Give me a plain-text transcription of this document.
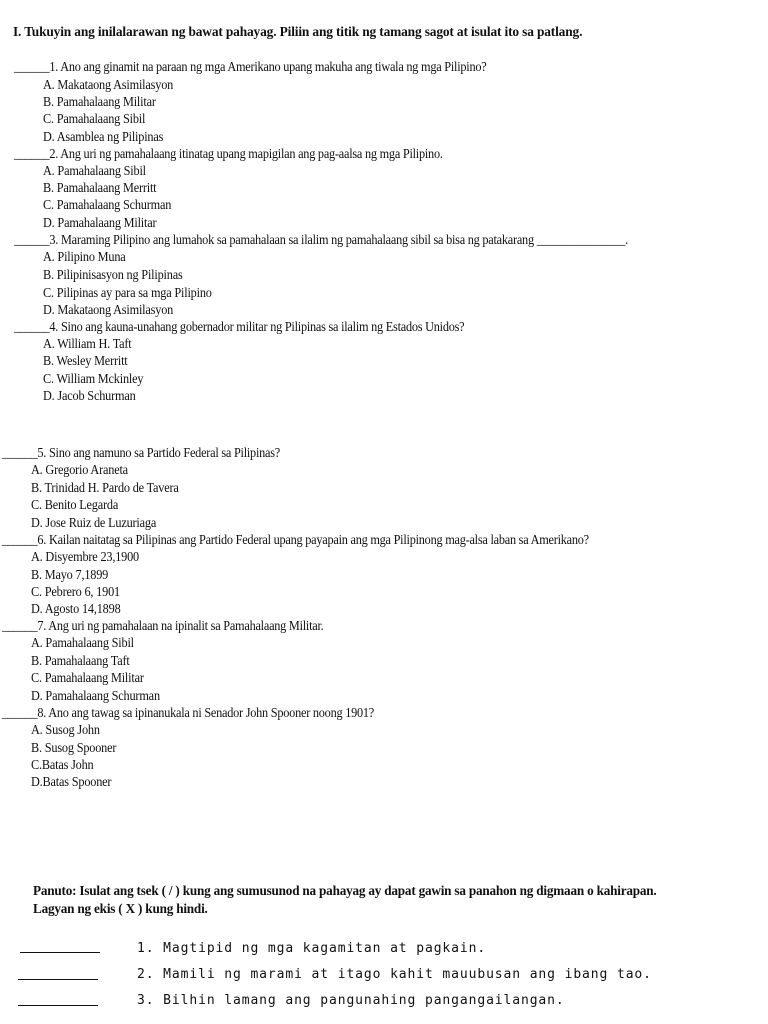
I. Tukuyin ang inilalarawan ng bawat pahayag. Piliin ang titik ng tamang sagot at isulat ito sa patlang.
______1. Ano ang ginamit na paraan ng mga Amerikano upang makuha ang tiwala ng mga Pilipino?
A. Makataong Asimilasyon
B. Pamahalaang Militar
C. Pamahalaang Sibil
D. Asamblea ng Pilipinas
______2. Ang uri ng pamahalaang itinatag upang mapigilan ang pag-aalsa ng mga Pilipino.
A. Pamahalaang Sibil
B. Pamahalaang Merritt
C. Pamahalaang Schurman
D. Pamahalaang Militar
______3. Maraming Pilipino ang lumahok sa pamahalaan sa ilalim ng pamahalaang sibil sa bisa ng patakarang _______________.
A. Pilipino Muna
B. Pilipinisasyon ng Pilipinas
C. Pilipinas ay para sa mga Pilipino
D. Makataong Asimilasyon
______4. Sino ang kauna-unahang gobernador militar ng Pilipinas sa ilalim ng Estados Unidos?
A. William H. Taft
B. Wesley Merritt
C. William Mckinley
D. Jacob Schurman
______5. Sino ang namuno sa Partido Federal sa Pilipinas?
A. Gregorio Araneta
B. Trinidad H. Pardo de Tavera
C. Benito Legarda
D. Jose Ruiz de Luzuriaga
______6. Kailan naitatag sa Pilipinas ang Partido Federal upang payapain ang mga Pilipinong mag-alsa laban sa Amerikano?
A. Disyembre 23,1900
B. Mayo 7,1899
C. Pebrero 6, 1901
D. Agosto 14,1898
______7. Ang uri ng pamahalaan na ipinalit sa Pamahalaang Militar.
A. Pamahalaang Sibil
B. Pamahalaang Taft
C. Pamahalaang Militar
D. Pamahalaang Schurman
______8. Ano ang tawag sa ipinanukala ni Senador John Spooner noong 1901?
A. Susog John
B. Susog Spooner
C.Batas John
D.Batas Spooner
Panuto: Isulat ang tsek ( / ) kung ang sumusunod na pahayag ay dapat gawin sa panahon ng digmaan o kahirapan.
Lagyan ng ekis ( X ) kung hindi.
1. Magtipid ng mga kagamitan at pagkain.
2. Mamili ng marami at itago kahit mauubusan ang ibang tao.
3. Bilhin lamang ang pangunahing pangangailangan.
